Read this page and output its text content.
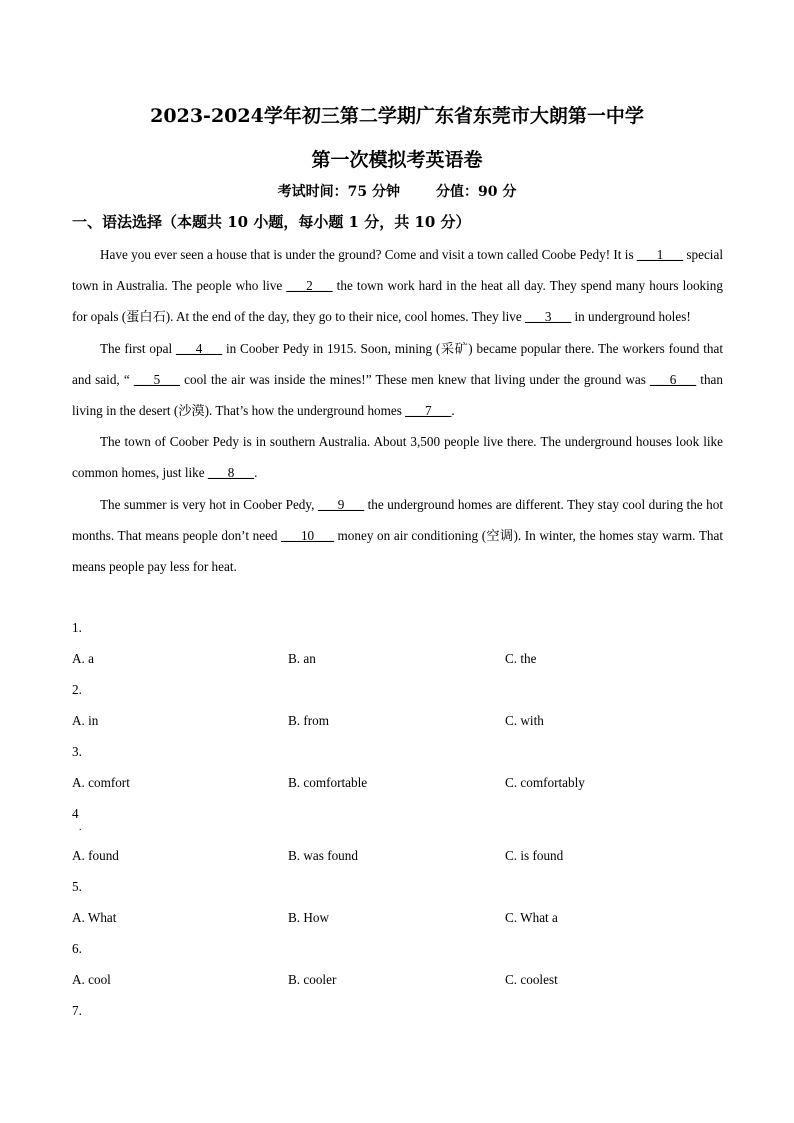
2023-2024学年初三第二学期广东省东莞市大朗第一中学
第一次模拟考英语卷
考试时间：75 分钟	分值：90 分
一、语法选择（本题共 10 小题，每小题 1 分，共 10 分）

Have you ever seen a house that is under the ground? Come and visit a town called Coobe Pedy! It is ___1___ special town in Australia. The people who live ___2___ the town work hard in the heat all day. They spend many hours looking for opals (蛋白石). At the end of the day, they go to their nice, cool homes. They live ___3___ in underground holes!

The first opal ___4___ in Coober Pedy in 1915. Soon, mining (采矿) became popular there. The workers found that and said, “ ___5___ cool the air was inside the mines!” These men knew that living under the ground was ___6___ than living in the desert (沙漠). That’s how the underground homes ___7___.

The town of Coober Pedy is in southern Australia. About 3,500 people live there. The underground houses look like common homes, just like ___8___.

The summer is very hot in Coober Pedy, ___9___ the underground homes are different. They stay cool during the hot months. That means people don’t need ___10___ money on air conditioning (空调). In winter, the homes stay warm. That means people pay less for heat.

1.
A. a	B. an	C. the
2.
A. in	B. from	C. with
3.
A. comfort	B. comfortable	C. comfortably
4
.
A. found	B. was found	C. is found
5.
A. What	B. How	C. What a
6.
A. cool	B. cooler	C. coolest
7.
